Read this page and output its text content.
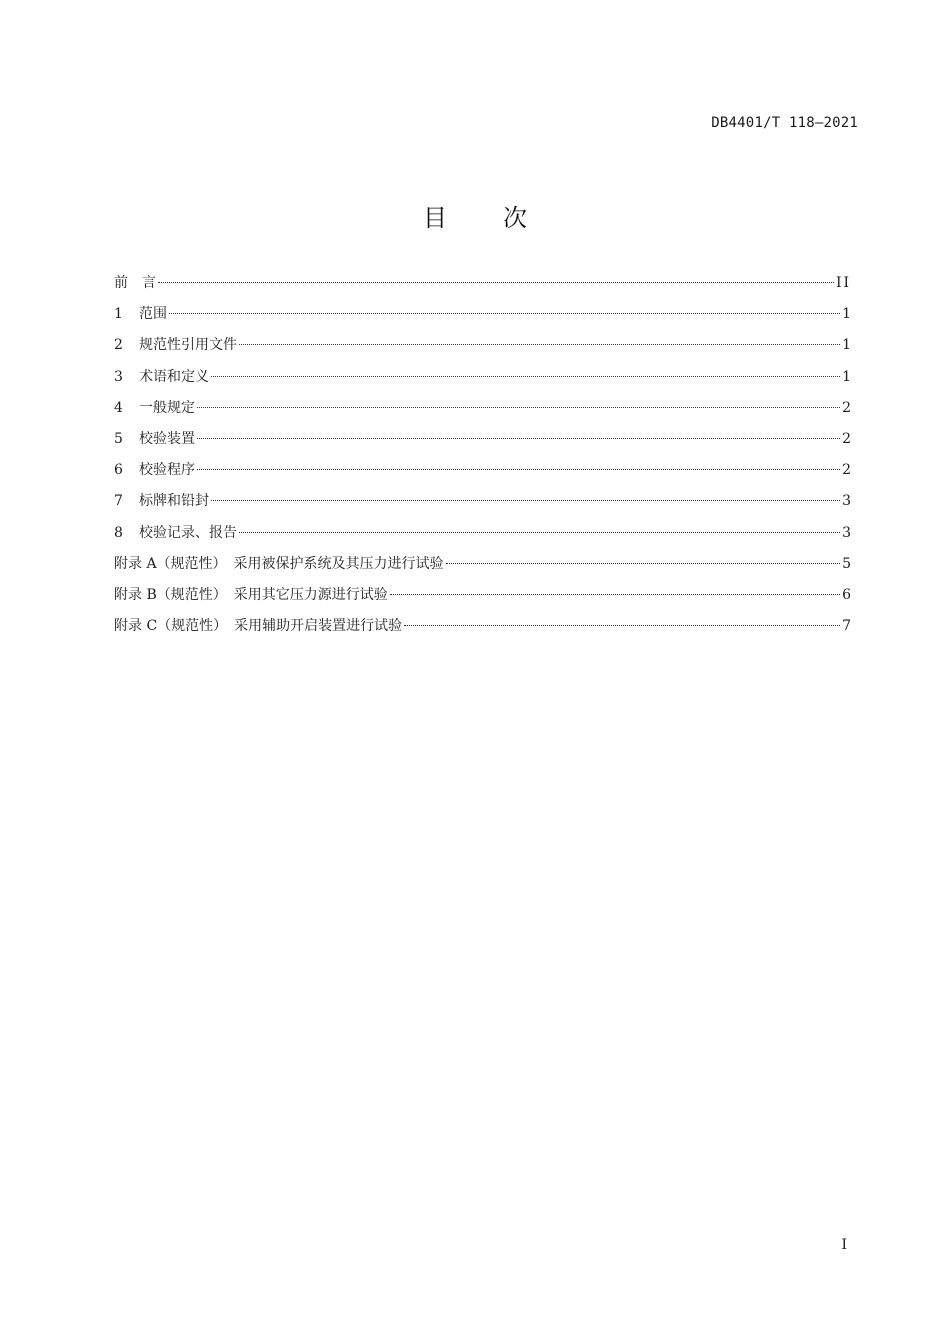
DB4401/T 118—2021
目次
前　言	II
1	范围	1
2	规范性引用文件	1
3	术语和定义	1
4	一般规定	2
5	校验装置	2
6	校验程序	2
7	标牌和铅封	3
8	校验记录、报告	3
附录 A（规范性）　采用被保护系统及其压力进行试验	5
附录 B（规范性）　采用其它压力源进行试验	6
附录 C（规范性）　采用辅助开启装置进行试验	7
I
